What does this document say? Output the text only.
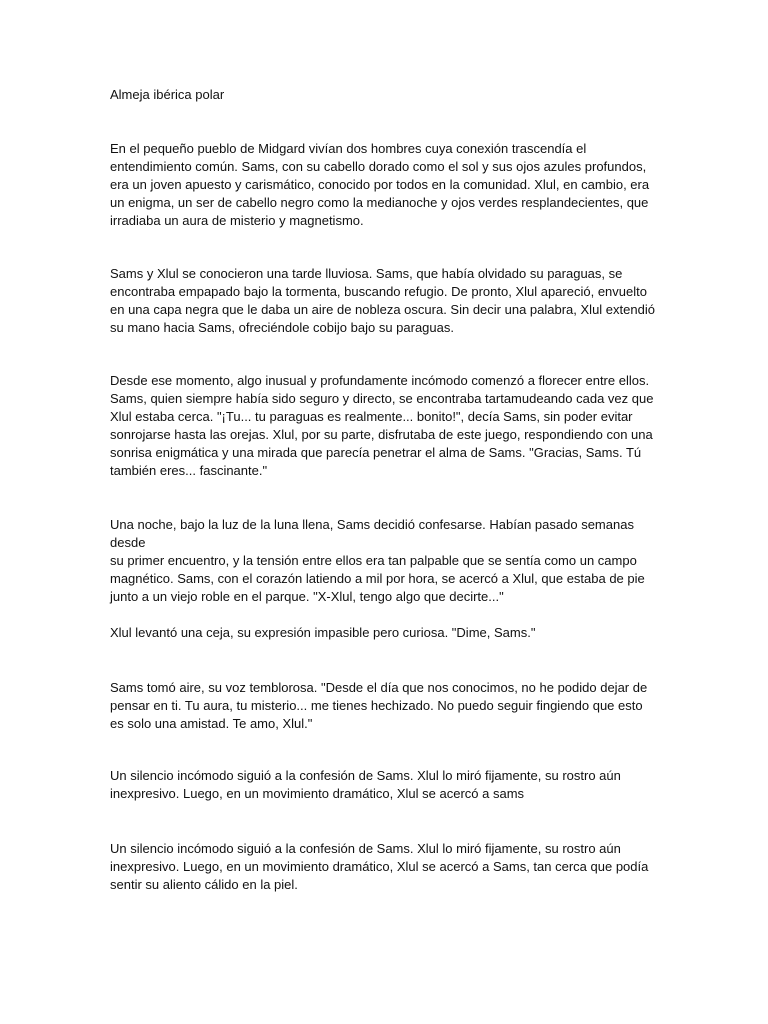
Almeja ibérica polar

En el pequeño pueblo de Midgard vivían dos hombres cuya conexión trascendía el
entendimiento común. Sams, con su cabello dorado como el sol y sus ojos azules profundos,
era un joven apuesto y carismático, conocido por todos en la comunidad. Xlul, en cambio, era
un enigma, un ser de cabello negro como la medianoche y ojos verdes resplandecientes, que
irradiaba un aura de misterio y magnetismo.

Sams y Xlul se conocieron una tarde lluviosa. Sams, que había olvidado su paraguas, se
encontraba empapado bajo la tormenta, buscando refugio. De pronto, Xlul apareció, envuelto
en una capa negra que le daba un aire de nobleza oscura. Sin decir una palabra, Xlul extendió
su mano hacia Sams, ofreciéndole cobijo bajo su paraguas.

Desde ese momento, algo inusual y profundamente incómodo comenzó a florecer entre ellos.
Sams, quien siempre había sido seguro y directo, se encontraba tartamudeando cada vez que
Xlul estaba cerca. "¡Tu... tu paraguas es realmente... bonito!", decía Sams, sin poder evitar
sonrojarse hasta las orejas. Xlul, por su parte, disfrutaba de este juego, respondiendo con una
sonrisa enigmática y una mirada que parecía penetrar el alma de Sams. "Gracias, Sams. Tú
también eres... fascinante."

Una noche, bajo la luz de la luna llena, Sams decidió confesarse. Habían pasado semanas desde
su primer encuentro, y la tensión entre ellos era tan palpable que se sentía como un campo
magnético. Sams, con el corazón latiendo a mil por hora, se acercó a Xlul, que estaba de pie
junto a un viejo roble en el parque. "X-Xlul, tengo algo que decirte..."

Xlul levantó una ceja, su expresión impasible pero curiosa. "Dime, Sams."

Sams tomó aire, su voz temblorosa. "Desde el día que nos conocimos, no he podido dejar de
pensar en ti. Tu aura, tu misterio... me tienes hechizado. No puedo seguir fingiendo que esto
es solo una amistad. Te amo, Xlul."

Un silencio incómodo siguió a la confesión de Sams. Xlul lo miró fijamente, su rostro aún
inexpresivo. Luego, en un movimiento dramático, Xlul se acercó a sams

Un silencio incómodo siguió a la confesión de Sams. Xlul lo miró fijamente, su rostro aún
inexpresivo. Luego, en un movimiento dramático, Xlul se acercó a Sams, tan cerca que podía
sentir su aliento cálido en la piel.
